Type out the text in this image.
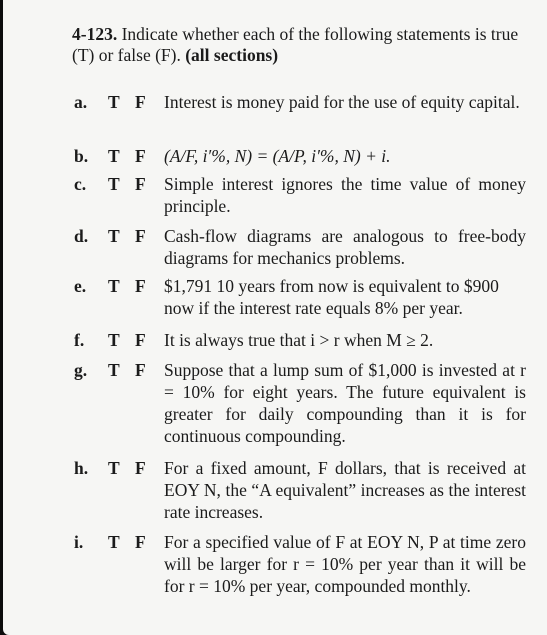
4-123. Indicate whether each of the following statements is true (T) or false (F). (all sections)
a.	T F	Interest is money paid for the use of equity capital.
b.	T F	(A/F, i′%, N) = (A/P, i′%, N) + i.
c.	T F	Simple interest ignores the time value of money principle.
d.	T F	Cash-flow diagrams are analogous to free-body diagrams for mechanics problems.
e.	T F	$1,791 10 years from now is equivalent to $900 now if the interest rate equals 8% per year.
f.	T F	It is always true that i > r when M ≥ 2.
g.	T F	Suppose that a lump sum of $1,000 is invested at r = 10% for eight years. The future equivalent is greater for daily compounding than it is for continuous compounding.
h.	T F	For a fixed amount, F dollars, that is received at EOY N, the “A equivalent” increases as the interest rate increases.
i.	T F	For a specified value of F at EOY N, P at time zero will be larger for r = 10% per year than it will be for r = 10% per year, compounded monthly.
